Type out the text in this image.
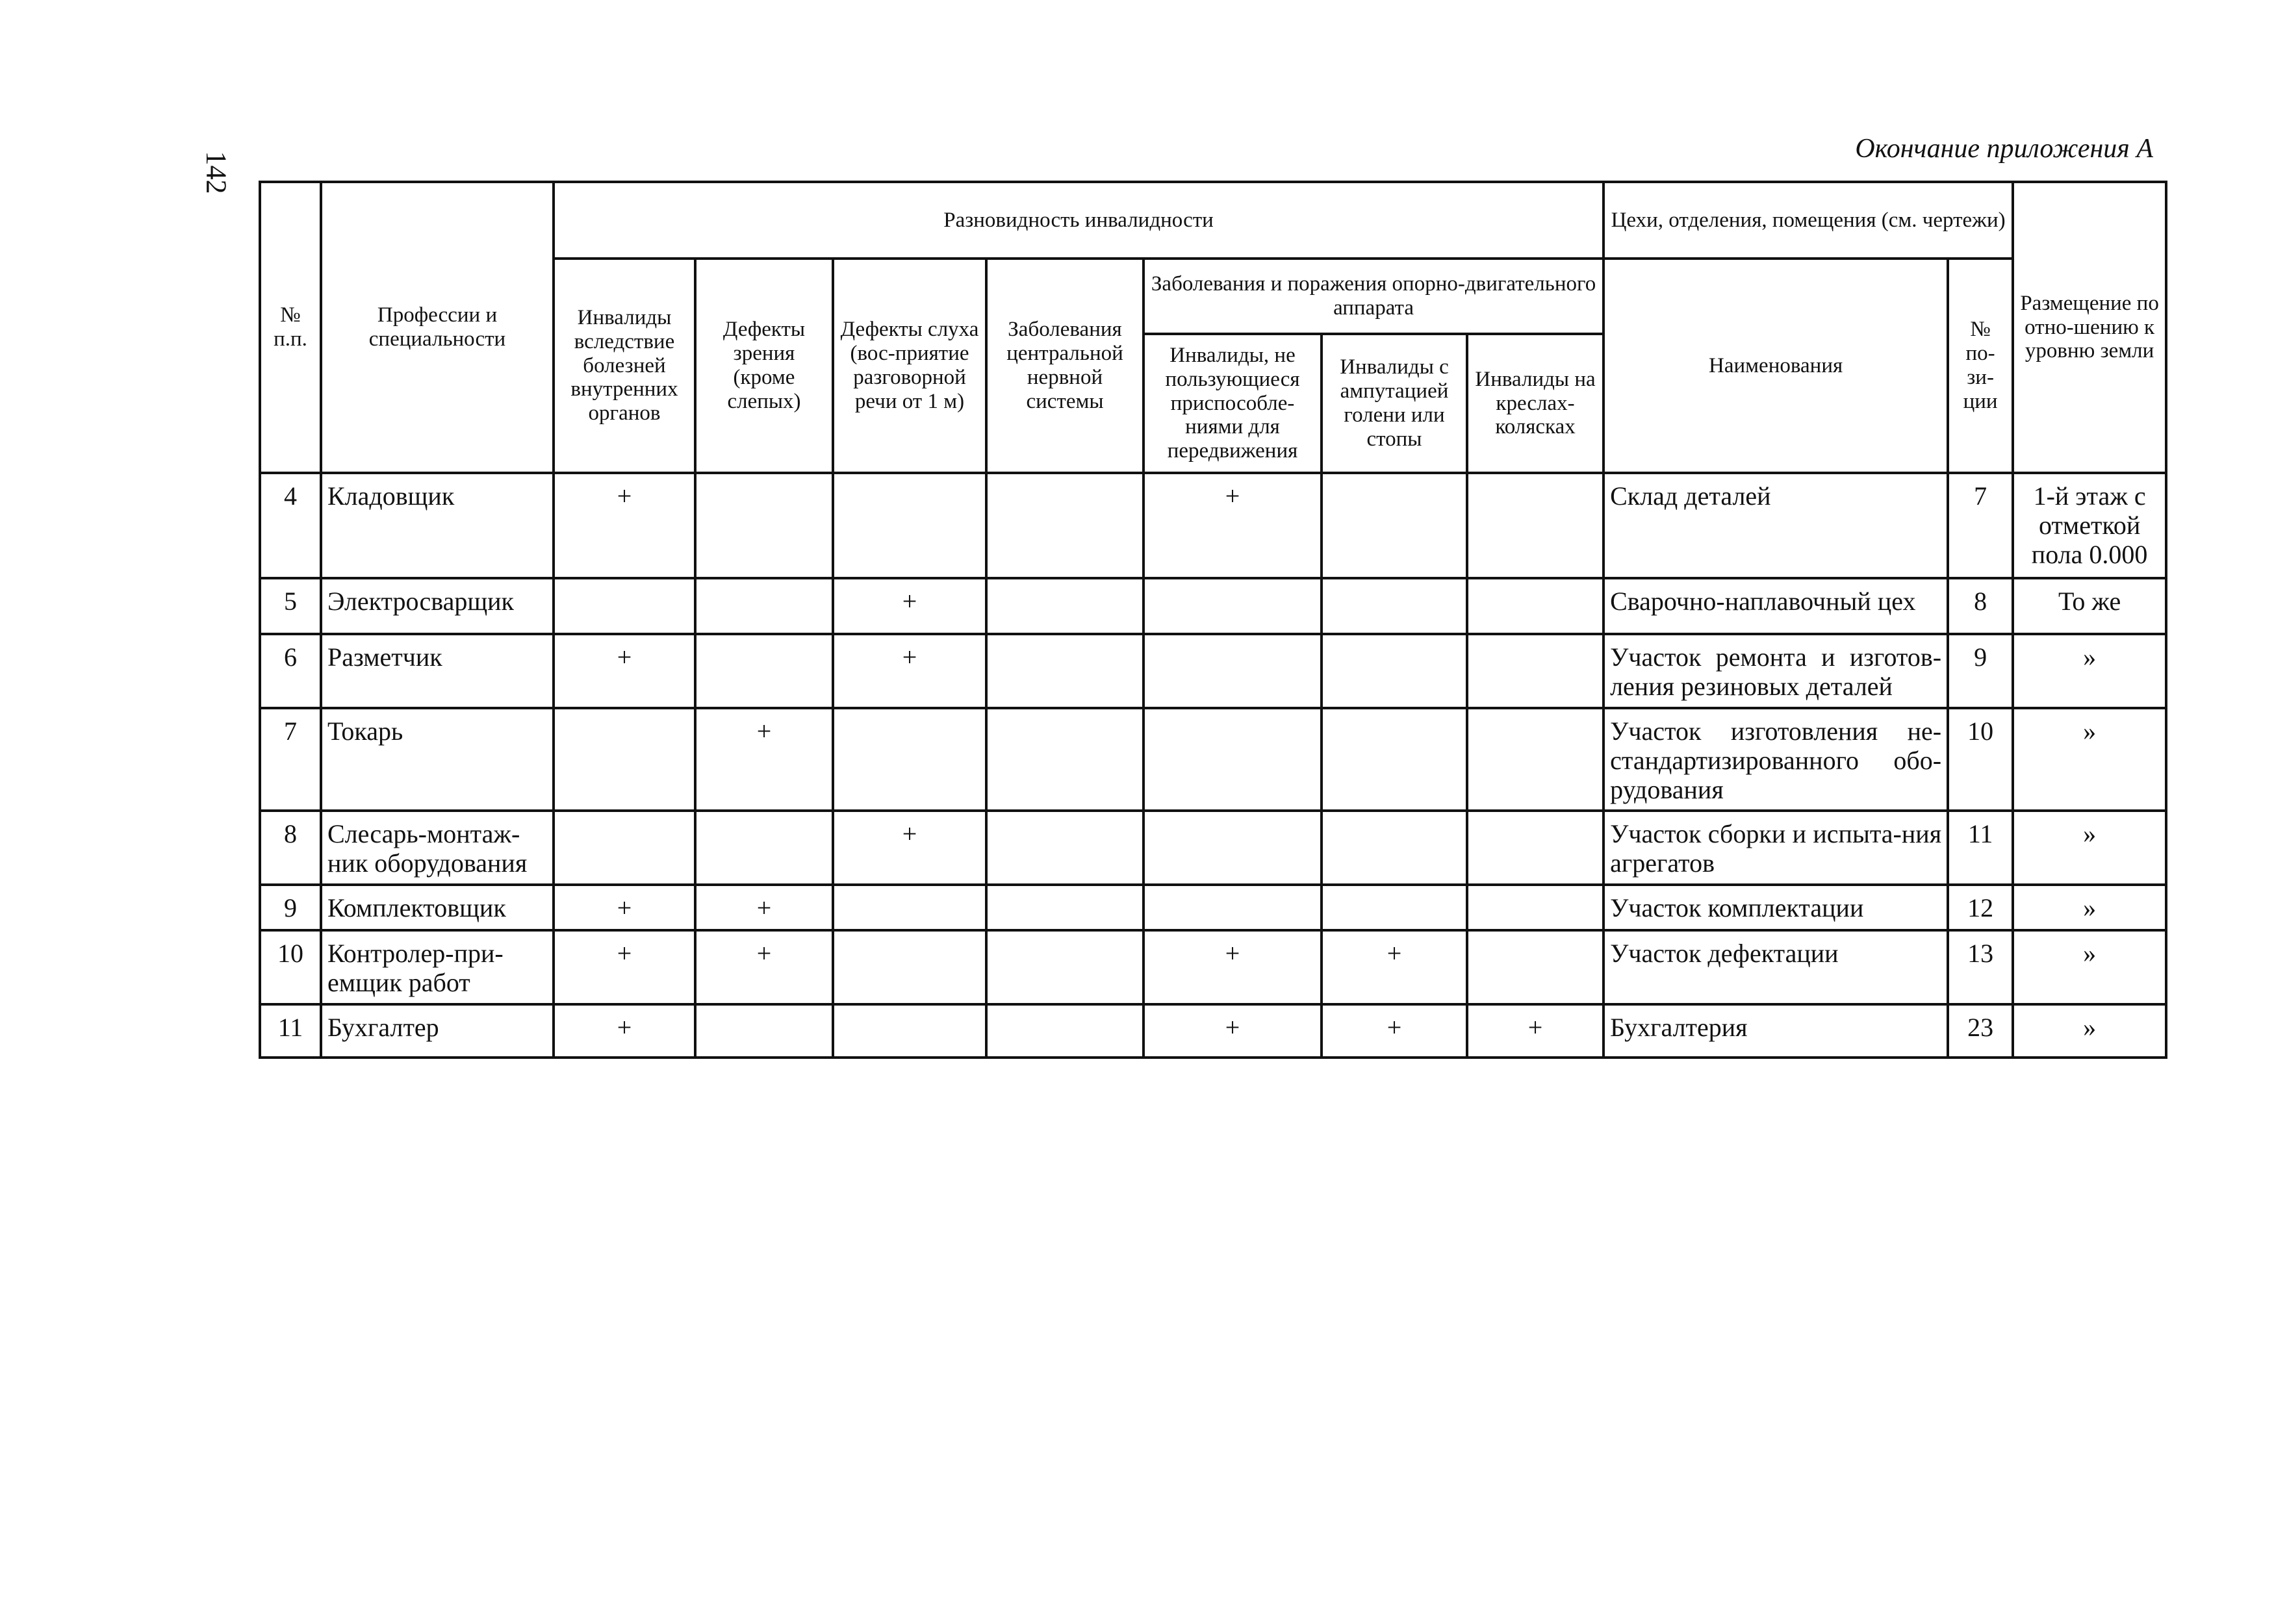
142
Окончание приложения А
№ п.п.	Профессии и специальности	Разновидность инвалидности							Цехи, отделения, помещения (см. чертежи)		Размещение по отно-шению к уровню земли
		Инвалиды вследствие болезней внутренних органов	Дефекты зрения (кроме слепых)	Дефекты слуха (вос-приятие разговорной речи от 1 м)	Заболевания центральной нервной системы	Заболевания и поражения опорно-двигательного аппарата			Наименования	№ по-зи-ции	
						Инвалиды, не пользующиеся приспособле-ниями для передвижения	Инвалиды с ампутацией голени или стопы	Инвалиды на креслах-колясках			
4	Кладовщик	+				+			Склад деталей	7	1-й этаж с отметкой пола 0.000
5	Электросварщик			+					Сварочно-наплавочный цех	8	То же
6	Разметчик	+		+					Участок ремонта и изготов-ления резиновых деталей	9	»
7	Токарь		+						Участок изготовления не-стандартизированного обо-рудования	10	»
8	Слесарь-монтаж-ник оборудования			+					Участок сборки и испыта-ния агрегатов	11	»
9	Комплектовщик	+	+						Участок комплектации	12	»
10	Контролер-при-емщик работ	+	+			+	+		Участок дефектации	13	»
11	Бухгалтер	+				+	+	+	Бухгалтерия	23	»
